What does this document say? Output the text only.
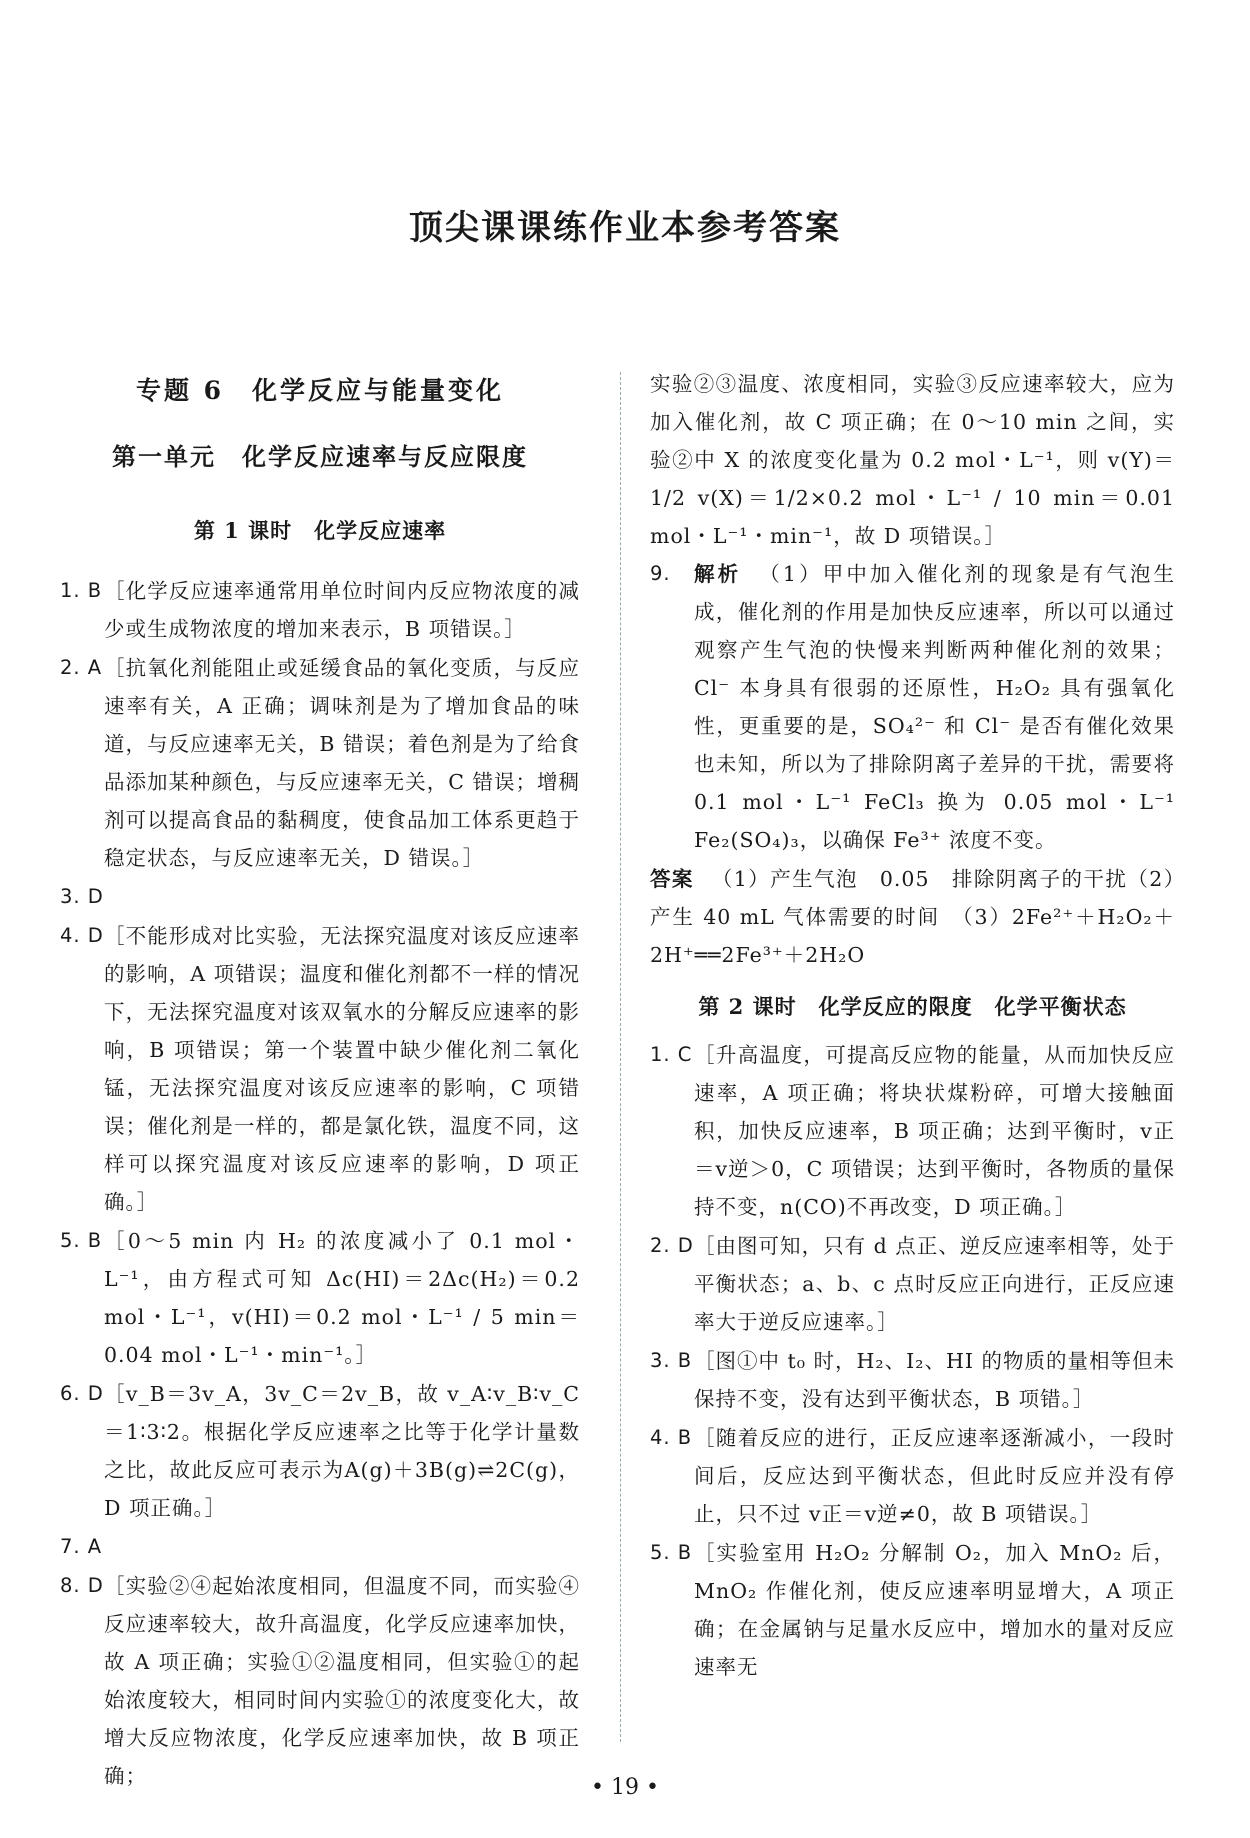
顶尖课课练作业本参考答案
专题 6　化学反应与能量变化
第一单元　化学反应速率与反应限度
第 1 课时　化学反应速率
1. B ［化学反应速率通常用单位时间内反应物浓度的减少或生成物浓度的增加来表示，B 项错误。］
2. A ［抗氧化剂能阻止或延缓食品的氧化变质，与反应速率有关，A 正确；调味剂是为了增加食品的味道，与反应速率无关，B 错误；着色剂是为了给食品添加某种颜色，与反应速率无关，C 错误；增稠剂可以提高食品的黏稠度，使食品加工体系更趋于稳定状态，与反应速率无关，D 错误。］
3. D
4. D ［不能形成对比实验，无法探究温度对该反应速率的影响，A 项错误；温度和催化剂都不一样的情况下，无法探究温度对该双氧水的分解反应速率的影响，B 项错误；第一个装置中缺少催化剂二氧化锰，无法探究温度对该反应速率的影响，C 项错误；催化剂是一样的，都是氯化铁，温度不同，这样可以探究温度对该反应速率的影响，D 项正确。］
5. B ［0～5 min 内 H₂ 的浓度减小了 0.1 mol・L⁻¹，由方程式可知 Δc(HI)＝2Δc(H₂)＝0.2 mol・L⁻¹，v(HI)＝0.2 mol・L⁻¹ / 5 min＝0.04 mol・L⁻¹・min⁻¹。］
6. D ［v_B＝3v_A，3v_C＝2v_B，故 v_A∶v_B∶v_C＝1∶3∶2。根据化学反应速率之比等于化学计量数之比，故此反应可表示为A(g)＋3B(g)⇌2C(g)，D 项正确。］
7. A
8. D ［实验②④起始浓度相同，但温度不同，而实验④反应速率较大，故升高温度，化学反应速率加快，故 A 项正确；实验①②温度相同，但实验①的起始浓度较大，相同时间内实验①的浓度变化大，故增大反应物浓度，化学反应速率加快，故 B 项正确；
实验②③温度、浓度相同，实验③反应速率较大，应为加入催化剂，故 C 项正确；在 0～10 min 之间，实验②中 X 的浓度变化量为 0.2 mol・L⁻¹，则 v(Y)＝1/2 v(X)＝1/2×0.2 mol・L⁻¹ / 10 min＝0.01 mol・L⁻¹・min⁻¹，故 D 项错误。］
9.	解析 （1）甲中加入催化剂的现象是有气泡生成，催化剂的作用是加快反应速率，所以可以通过观察产生气泡的快慢来判断两种催化剂的效果；Cl⁻ 本身具有很弱的还原性，H₂O₂ 具有强氧化性，更重要的是，SO₄²⁻ 和 Cl⁻ 是否有催化效果也未知，所以为了排除阴离子差异的干扰，需要将 0.1 mol・L⁻¹ FeCl₃ 换为 0.05 mol・L⁻¹ Fe₂(SO₄)₃，以确保 Fe³⁺ 浓度不变。
答案 （1）产生气泡　0.05　排除阴离子的干扰（2）产生 40 mL 气体需要的时间　（3）2Fe²⁺＋H₂O₂＋2H⁺══2Fe³⁺＋2H₂O
第 2 课时　化学反应的限度　化学平衡状态
1. C ［升高温度，可提高反应物的能量，从而加快反应速率，A 项正确；将块状煤粉碎，可增大接触面积，加快反应速率，B 项正确；达到平衡时，v正＝v逆＞0，C 项错误；达到平衡时，各物质的量保持不变，n(CO)不再改变，D 项正确。］
2. D ［由图可知，只有 d 点正、逆反应速率相等，处于平衡状态；a、b、c 点时反应正向进行，正反应速率大于逆反应速率。］
3. B ［图①中 t₀ 时，H₂、I₂、HI 的物质的量相等但未保持不变，没有达到平衡状态，B 项错。］
4. B ［随着反应的进行，正反应速率逐渐减小，一段时间后，反应达到平衡状态，但此时反应并没有停止，只不过 v正＝v逆≠0，故 B 项错误。］
5. B ［实验室用 H₂O₂ 分解制 O₂，加入 MnO₂ 后，MnO₂ 作催化剂，使反应速率明显增大，A 项正确；在金属钠与足量水反应中，增加水的量对反应速率无
• 19 •
